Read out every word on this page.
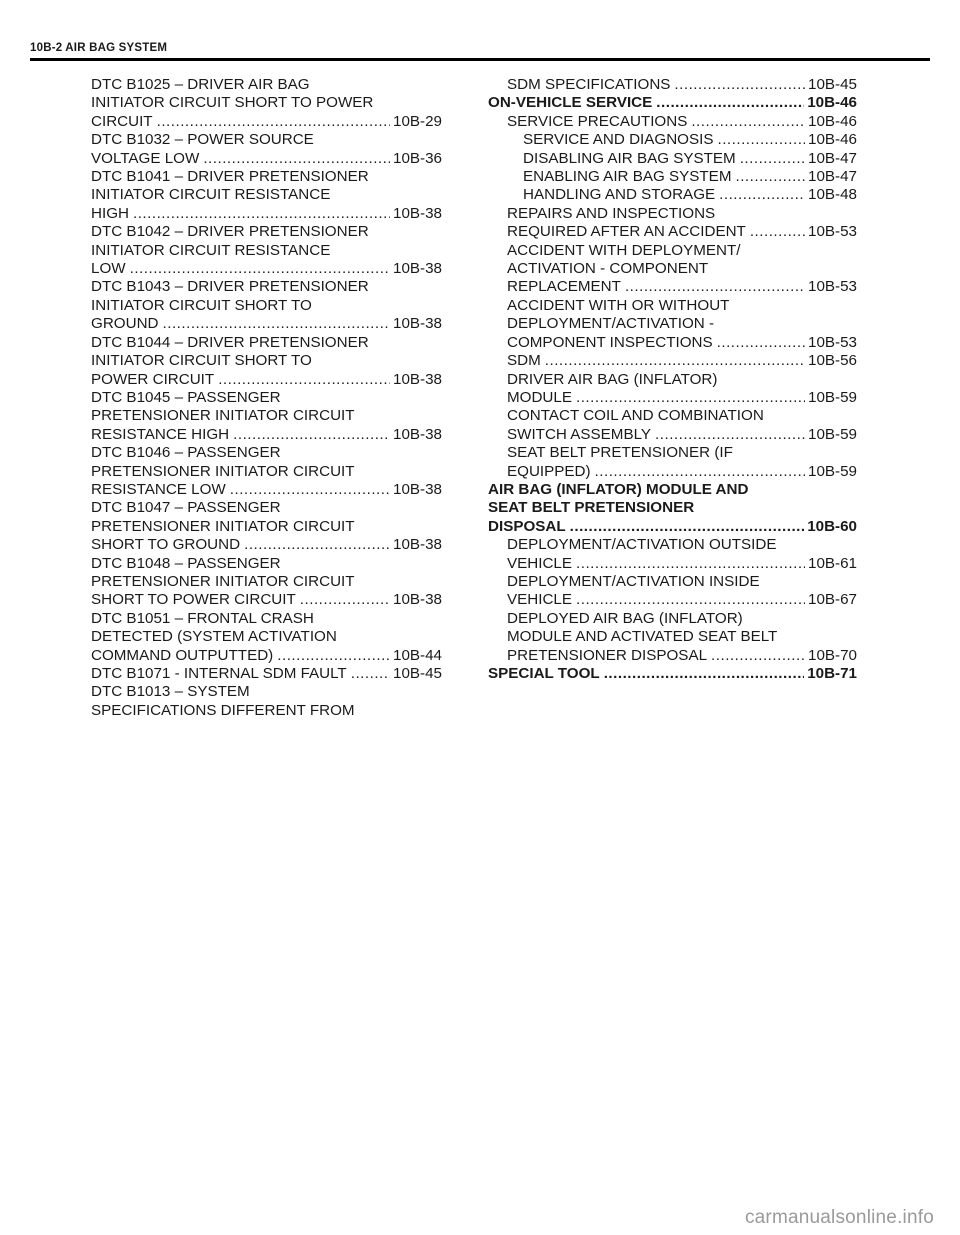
10B-2 AIR BAG SYSTEM
DTC B1025 – DRIVER AIR BAG
INITIATOR CIRCUIT SHORT TO POWER
CIRCUIT .....	10B-29
DTC B1032 – POWER SOURCE
VOLTAGE LOW .....	10B-36
DTC B1041 – DRIVER PRETENSIONER
INITIATOR CIRCUIT RESISTANCE
HIGH .....	10B-38
DTC B1042 – DRIVER PRETENSIONER
INITIATOR CIRCUIT RESISTANCE
LOW .....	10B-38
DTC B1043 – DRIVER PRETENSIONER
INITIATOR CIRCUIT SHORT TO
GROUND .....	10B-38
DTC B1044 – DRIVER PRETENSIONER
INITIATOR CIRCUIT SHORT TO
POWER CIRCUIT .....	10B-38
DTC B1045 – PASSENGER
PRETENSIONER INITIATOR CIRCUIT
RESISTANCE HIGH .....	10B-38
DTC B1046 – PASSENGER
PRETENSIONER INITIATOR CIRCUIT
RESISTANCE LOW .....	10B-38
DTC B1047 – PASSENGER
PRETENSIONER INITIATOR CIRCUIT
SHORT TO GROUND .....	10B-38
DTC B1048 – PASSENGER
PRETENSIONER INITIATOR CIRCUIT
SHORT TO POWER CIRCUIT .....	10B-38
DTC B1051 – FRONTAL CRASH
DETECTED (SYSTEM ACTIVATION
COMMAND OUTPUTTED) .....	10B-44
DTC B1071 - INTERNAL SDM FAULT .....	10B-45
DTC B1013 – SYSTEM
SPECIFICATIONS DIFFERENT FROM
SDM SPECIFICATIONS .....	10B-45
ON-VEHICLE SERVICE .....	10B-46
SERVICE PRECAUTIONS .....	10B-46
SERVICE AND DIAGNOSIS .....	10B-46
DISABLING AIR BAG SYSTEM .....	10B-47
ENABLING AIR BAG SYSTEM .....	10B-47
HANDLING AND STORAGE .....	10B-48
REPAIRS AND INSPECTIONS
REQUIRED AFTER AN ACCIDENT .....	10B-53
ACCIDENT WITH DEPLOYMENT/
ACTIVATION - COMPONENT
REPLACEMENT .....	10B-53
ACCIDENT WITH OR WITHOUT
DEPLOYMENT/ACTIVATION -
COMPONENT INSPECTIONS .....	10B-53
SDM .....	10B-56
DRIVER AIR BAG (INFLATOR)
MODULE .....	10B-59
CONTACT COIL AND COMBINATION
SWITCH ASSEMBLY .....	10B-59
SEAT BELT PRETENSIONER (IF
EQUIPPED) .....	10B-59
AIR BAG (INFLATOR) MODULE AND
SEAT BELT PRETENSIONER
DISPOSAL .....	10B-60
DEPLOYMENT/ACTIVATION OUTSIDE
VEHICLE .....	10B-61
DEPLOYMENT/ACTIVATION INSIDE
VEHICLE .....	10B-67
DEPLOYED AIR BAG (INFLATOR)
MODULE AND ACTIVATED SEAT BELT
PRETENSIONER DISPOSAL .....	10B-70
SPECIAL TOOL .....	10B-71
carmanualsonline.info
